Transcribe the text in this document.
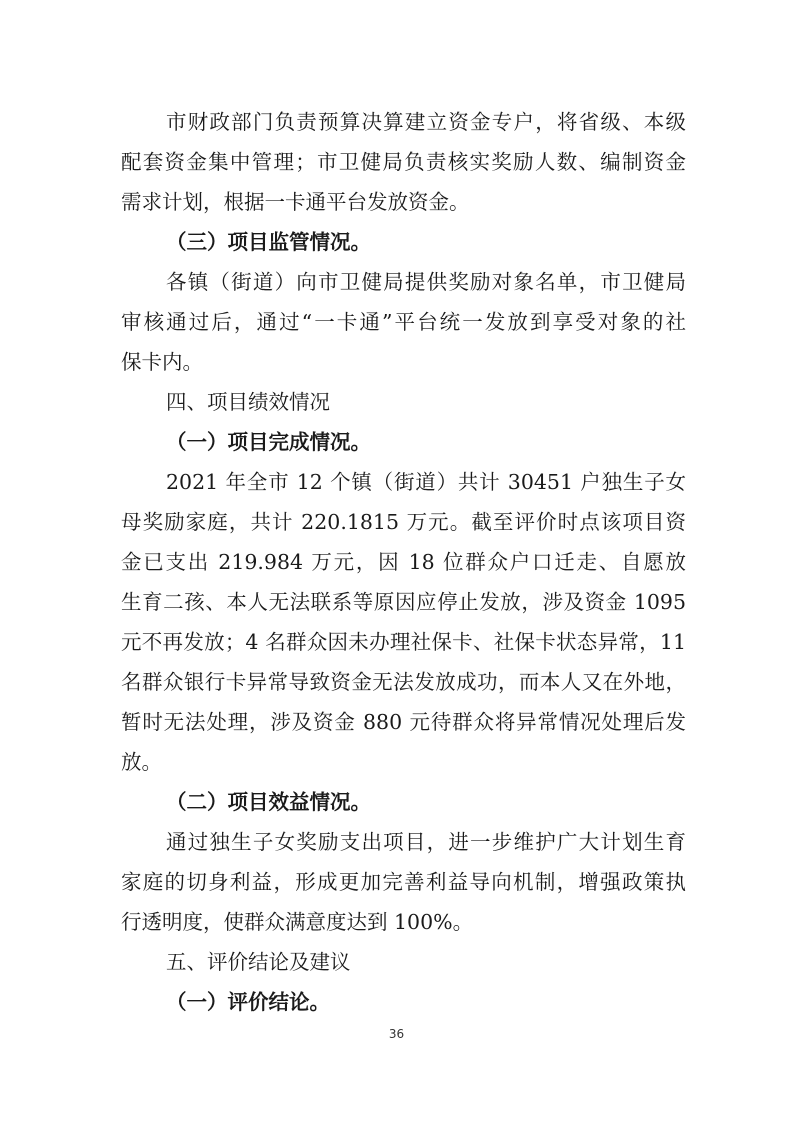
市财政部门负责预算决算建立资金专户，将省级、本级
配套资金集中管理；市卫健局负责核实奖励人数、编制资金
需求计划，根据一卡通平台发放资金。
（三）项目监管情况。
各镇（街道）向市卫健局提供奖励对象名单，市卫健局
审核通过后，通过“一卡通”平台统一发放到享受对象的社
保卡内。
四、项目绩效情况
（一）项目完成情况。
2021 年全市 12 个镇（街道）共计 30451 户独生子女
母奖励家庭，共计 220.1815 万元。截至评价时点该项目资
金已支出 219.984 万元，因 18 位群众户口迁走、自愿放
生育二孩、本人无法联系等原因应停止发放，涉及资金 1095
元不再发放；4 名群众因未办理社保卡、社保卡状态异常，11
名群众银行卡异常导致资金无法发放成功，而本人又在外地，
暂时无法处理，涉及资金 880 元待群众将异常情况处理后发
放。
（二）项目效益情况。
通过独生子女奖励支出项目，进一步维护广大计划生育
家庭的切身利益，形成更加完善利益导向机制，增强政策执
行透明度，使群众满意度达到 100%。
五、评价结论及建议
（一）评价结论。
36
